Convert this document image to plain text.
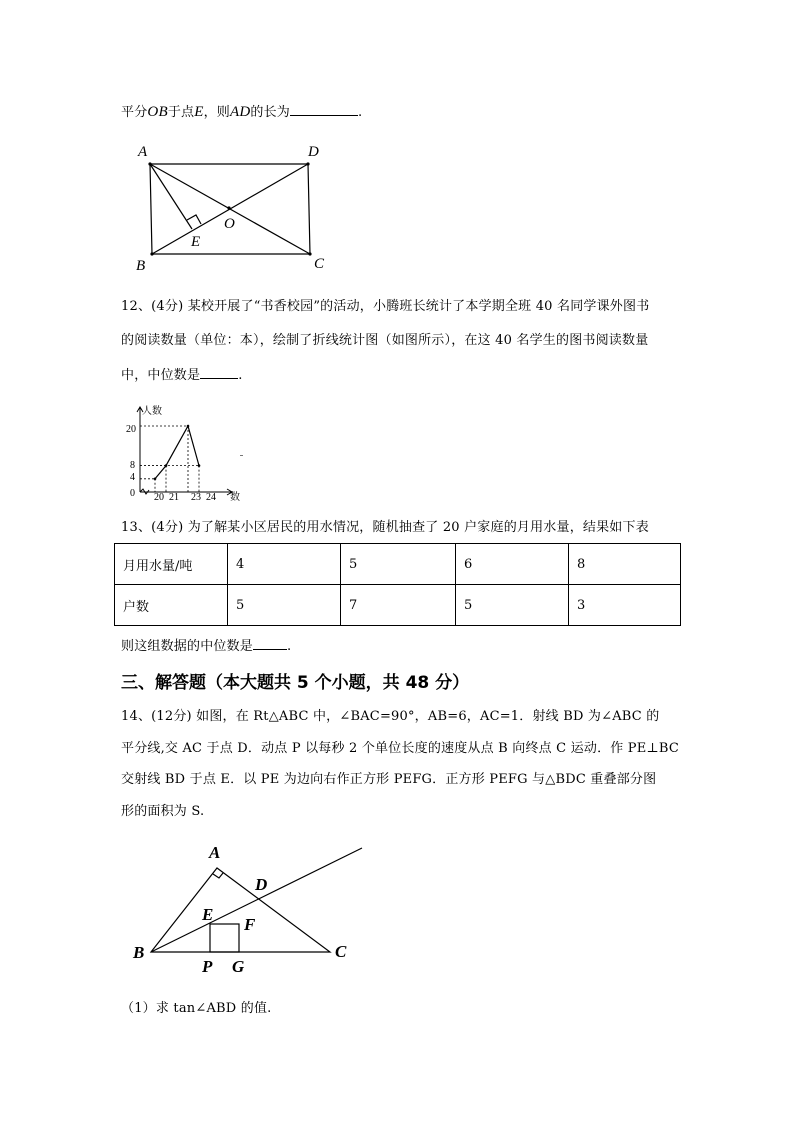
平分OB于点E，则AD的长为	.
A	D
B	C
O
E
12、(4分) 某校开展了“书香校园”的活动，小腾班长统计了本学期全班 40 名同学课外图书
的阅读数量（单位：本），绘制了折线统计图（如图所示），在这 40 名学生的图书阅读数量
中，中位数是	.
人数
数
20
8
4
0 20 21 23 24
13、(4分) 为了解某小区居民的用水情况，随机抽查了 20 户家庭的月用水量，结果如下表
月用水量/吨	4	5	6	8
户数	5	7	5	3
则这组数据的中位数是	.
三、解答题（本大题共 5 个小题，共 48 分）
14、(12分) 如图，在 Rt△ABC 中，∠BAC=90°，AB=6，AC=1．射线 BD 为∠ABC 的
平分线,交 AC 于点 D．动点 P 以每秒 2 个单位长度的速度从点 B 向终点 C 运动．作 PE⊥BC
交射线 BD 于点 E．以 PE 为边向右作正方形 PEFG．正方形 PEFG 与△BDC 重叠部分图
形的面积为 S.
A
D
E
F
B	C
P G
（1）求 tan∠ABD 的值.
